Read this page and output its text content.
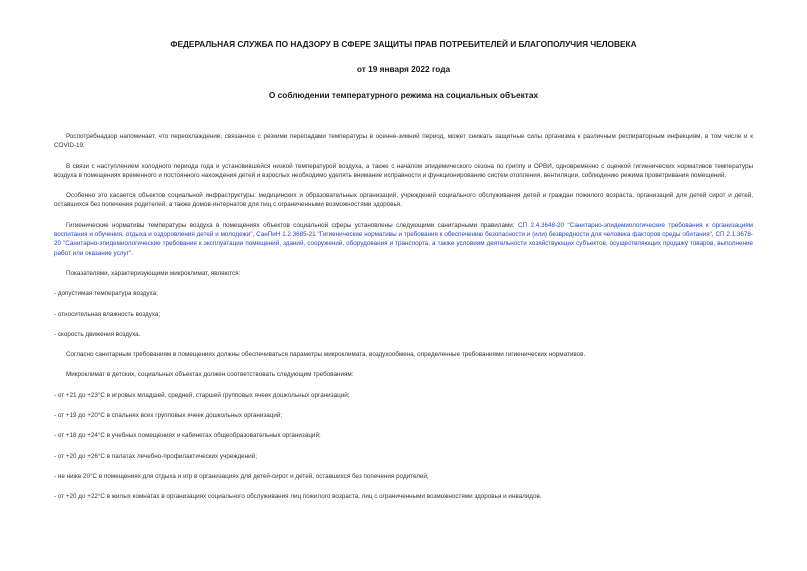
ФЕДЕРАЛЬНАЯ СЛУЖБА ПО НАДЗОРУ В СФЕРЕ ЗАЩИТЫ ПРАВ ПОТРЕБИТЕЛЕЙ И БЛАГОПОЛУЧИЯ ЧЕЛОВЕКА
от 19 января 2022 года
О соблюдении температурного режима на социальных объектах

Роспотребнадзор напоминает, что переохлаждение, связанное с резкими перепадами температуры в осенне-зимний период, может снижать защитные силы организма к различным респираторным инфекциям, в том числе и к COVID-19.

В связи с наступлением холодного периода года и установившейся низкой температурой воздуха, а также с началом эпидемического сезона по гриппу и ОРВИ, одновременно с оценкой гигиенических нормативов температуры воздуха в помещениях временного и постоянного нахождения детей и взрослых необходимо уделять внимание исправности и функционированию систем отопления, вентиляции, соблюдению режима проветривания помещений.

Особенно это касается объектов социальной инфраструктуры: медицинских и образовательных организаций, учреждений социального обслуживания детей и граждан пожилого возраста, организаций для детей сирот и детей, оставшихся без попечения родителей, а также домов-интернатов для лиц с ограниченными возможностями здоровья.

Гигиенические нормативы температуры воздуха в помещениях объектов социальной сферы установлены следующими санитарными правилами: СП 2.4.3648-20 "Санитарно-эпидемиологические требования к организациям воспитания и обучения, отдыха и оздоровления детей и молодежи", СанПиН 1.2.3685-21 "Гигиенические нормативы и требования к обеспечению безопасности и (или) безвредности для человека факторов среды обитания", СП 2.1.3678-20 "Санитарно-эпидемиологические требования к эксплуатации помещений, зданий, сооружений, оборудования и транспорта, а также условиям деятельности хозяйствующих субъектов, осуществляющих продажу товаров, выполнение работ или оказание услуг".

Показателями, характеризующими микроклимат, являются:

- допустимая температура воздуха;

- относительная влажность воздуха;

- скорость движения воздуха.

Согласно санитарным требованиям в помещениях должны обеспечиваться параметры микроклимата, воздухообмена, определенные требованиями гигиенических нормативов.

Микроклимат в детских, социальных объектах должен соответствовать следующим требованиям:

- от +21 до +23°С в игровых младшей, средней, старшей групповых ячеек дошкольных организаций;

- от +19 до +20°С в спальнях всех групповых ячеек дошкольных организаций;

- от +18 до +24°С в учебных помещениях и кабинетах общеобразовательных организаций;

- от +20 до +26°С в палатах лечебно-профилактических учреждений;

- не ниже 20°С в помещениях для отдыха и игр в организациях для детей-сирот и детей, оставшихся без попечения родителей;

- от +20 до +22°С в жилых комнатах в организациях социального обслуживания лиц пожилого возраста, лиц с ограниченными возможностями здоровья и инвалидов.
